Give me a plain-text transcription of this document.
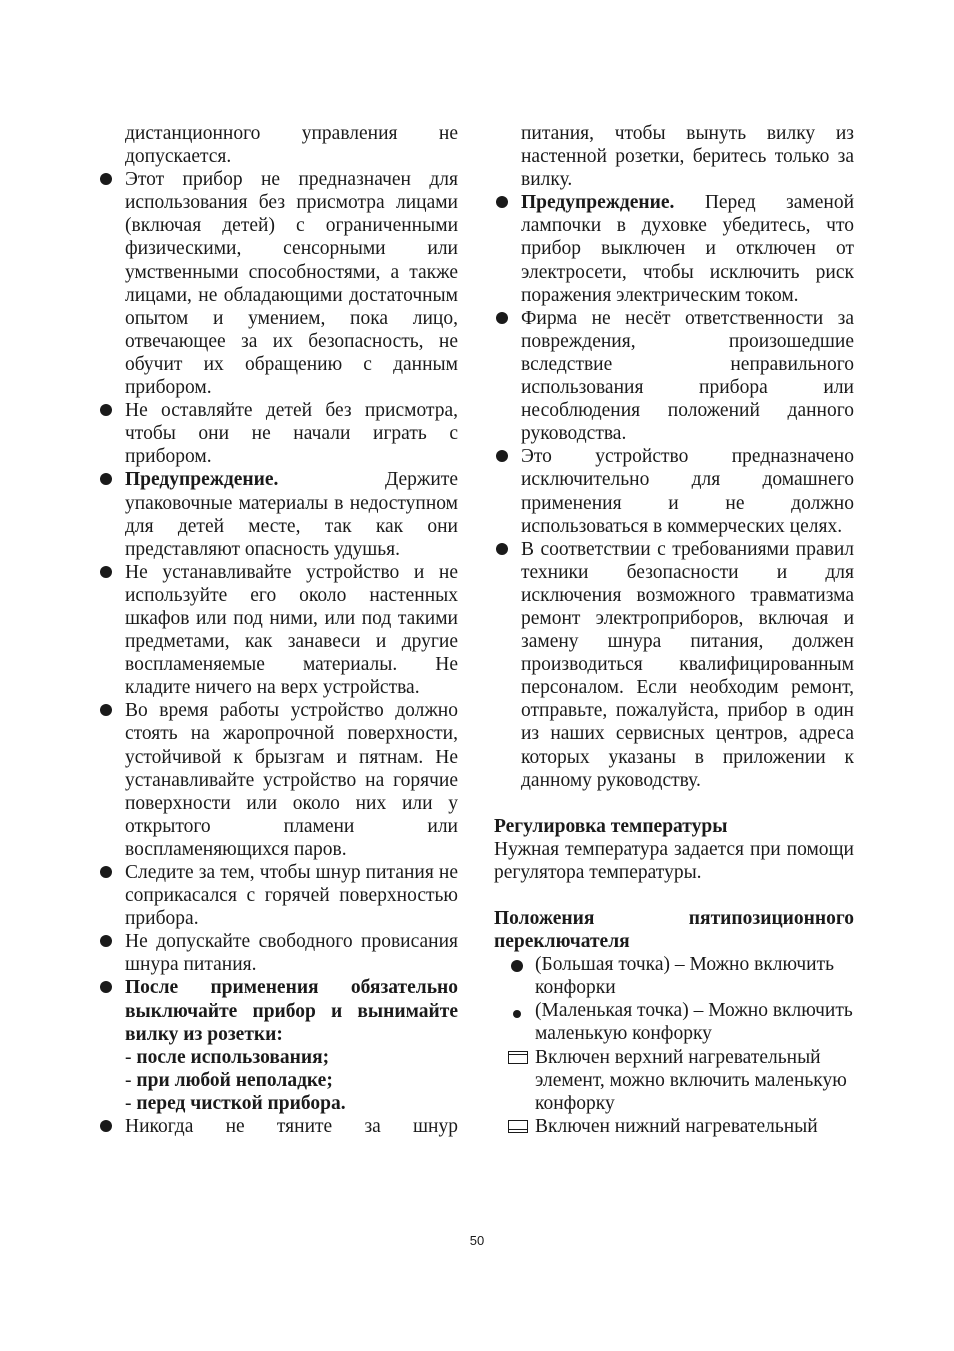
дистанционного управления не допускается.

Этот прибор не предназначен для использования без присмотра лицами (включая детей) с ограниченными физическими, сенсорными или умственными способностями, а также лицами, не обладающими достаточным опытом и умением, пока лицо, отвечающее за их безопасность, не обучит их обращению с данным прибором.
Не оставляйте детей без присмотра, чтобы они не начали играть с прибором.
Предупреждение. Держите упаковочные материалы в недоступном для детей месте, так как они представляют опасность удушья.
Не устанавливайте устройство и не используйте его около настенных шкафов или под ними, или под такими предметами, как занавеси и другие воспламеняемые материалы. Не кладите ничего на верх устройства.
Во время работы устройство должно стоять на жаропрочной поверхности, устойчивой к брызгам и пятнам. Не устанавливайте устройство на горячие поверхности или около них или у открытого пламени или воспламеняющихся паров.
Следите за тем, чтобы шнур питания не соприкасался с горячей поверхностью прибора.
Не допускайте свободного провисания шнура питания.
После применения обязательно выключайте прибор и вынимайте вилку из розетки:
- после использования;
- при любой неполадке;
- перед чисткой прибора.
Никогда не тяните за шнур

питания, чтобы вынуть вилку из настенной розетки, беритесь только за вилку.

Предупреждение. Перед заменой лампочки в духовке убедитесь, что прибор выключен и отключен от электросети, чтобы исключить риск поражения электрическим током.
Фирма не несёт ответственности за повреждения, произошедшие вследствие неправильного использования прибора или несоблюдения положений данного руководства.
Это устройство предназначено исключительно для домашнего применения и не должно использоваться в коммерческих целях.
В соответствии с требованиями правил техники безопасности и для исключения возможного травматизма ремонт электроприборов, включая и замену шнура питания, должен производиться квалифицированным персоналом. Если необходим ремонт, отправьте, пожалуйста, прибор в один из наших сервисных центров, адреса которых указаны в приложении к данному руководству.

Регулировка температуры

Нужная температура задается при помощи регулятора температуры.

Положения пятипозиционного переключателя

(Большая точка) – Можно включить конфорки
(Маленькая точка) – Можно включить маленькую конфорку
Включен верхний нагревательный элемент, можно включить маленькую конфорку
Включен нижний нагревательный
50
